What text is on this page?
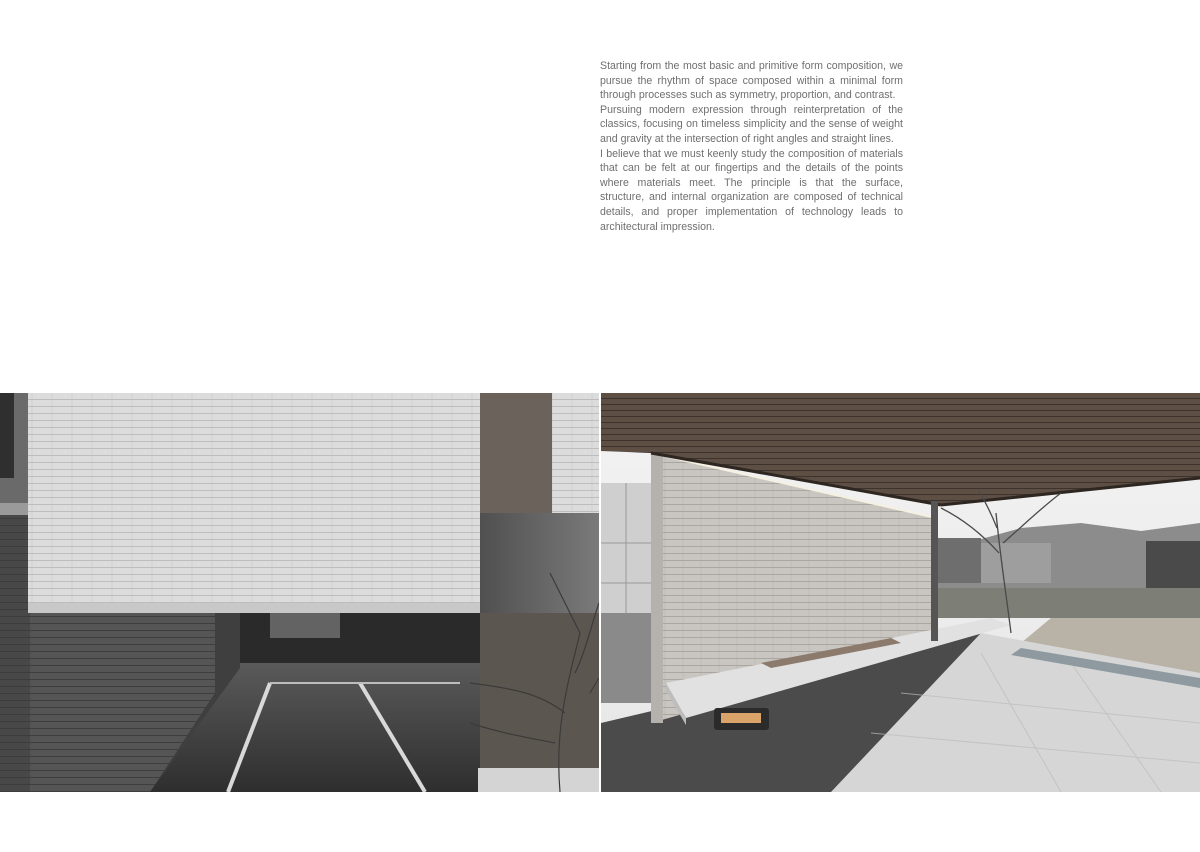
Starting from the most basic and primitive form composition, we pursue the rhythm of space composed within a minimal form through processes such as symmetry, proportion, and contrast.

Pursuing modern expression through reinterpretation of the classics, focusing on timeless simplicity and the sense of weight and gravity at the intersection of right angles and straight lines.

I believe that we must keenly study the composition of materials that can be felt at our fingertips and the details of the points where materials meet. The principle is that the surface, structure, and internal organization are composed of technical details, and proper implementation of technology leads to architectural impression.
